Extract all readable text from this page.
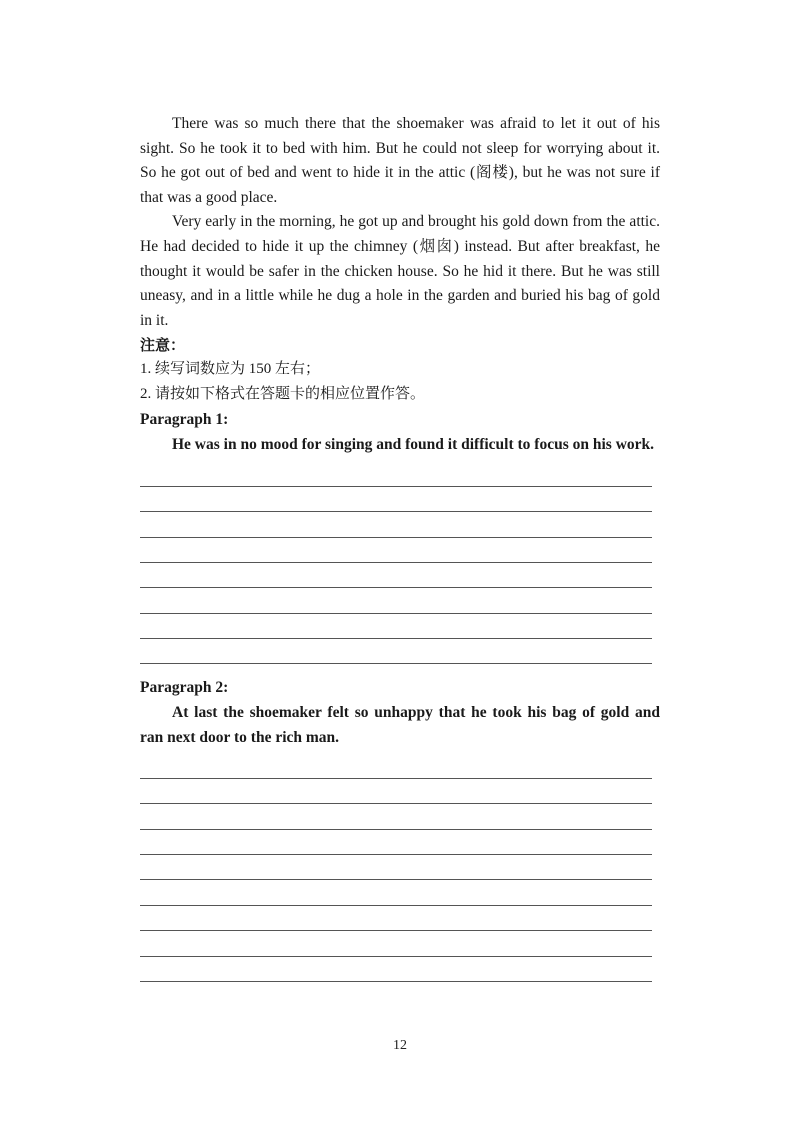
There was so much there that the shoemaker was afraid to let it out of his sight. So he took it to bed with him. But he could not sleep for worrying about it. So he got out of bed and went to hide it in the attic (阁楼), but he was not sure if that was a good place.

Very early in the morning, he got up and brought his gold down from the attic. He had decided to hide it up the chimney (烟囱) instead. But after breakfast, he thought it would be safer in the chicken house. So he hid it there. But he was still uneasy, and in a little while he dug a hole in the garden and buried his bag of gold in it.

注意：
1. 续写词数应为 150 左右；
2. 请按如下格式在答题卡的相应位置作答。
Paragraph 1:

He was in no mood for singing and found it difficult to focus on his work.

Paragraph 2:

At last the shoemaker felt so unhappy that he took his bag of gold and ran next door to the rich man.

12
